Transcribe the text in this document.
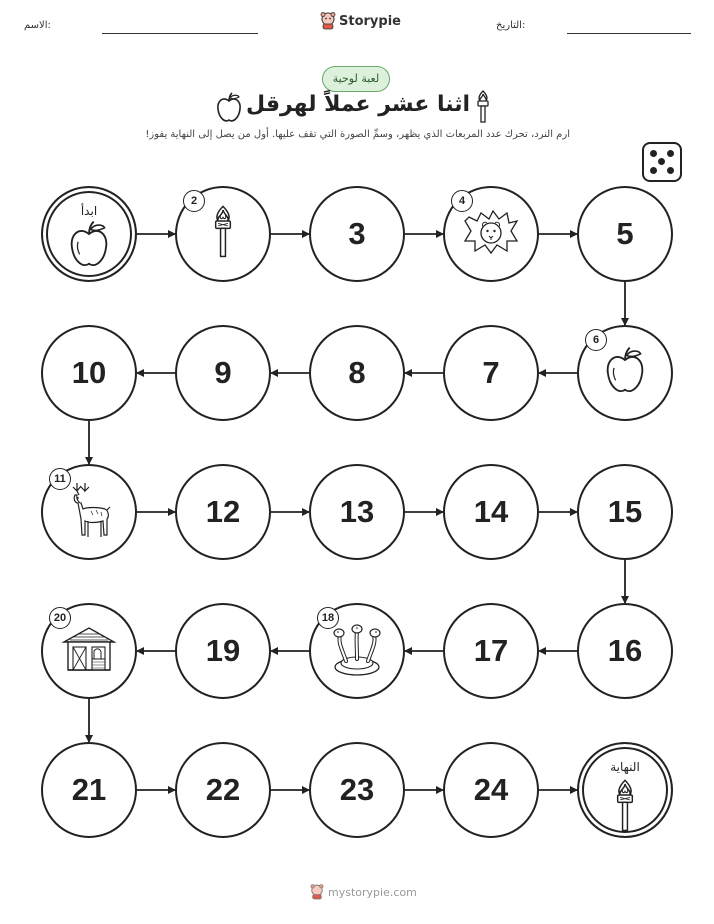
الاسم:	Storypie	التاريخ:
لعبة لوحية
اثنا عشر عملاً لهرقل
ارم النرد، تحرك عدد المربعات الذي يظهر، وسمِّ الصورة التي تقف عليها. أول من يصل إلى النهاية يفوز!
ابدأ
2
3
4
5
6
7
8
9
10
11
12	13	14	15
16
17
18
19
20
21	22	23	24
النهاية
mystorypie.com
